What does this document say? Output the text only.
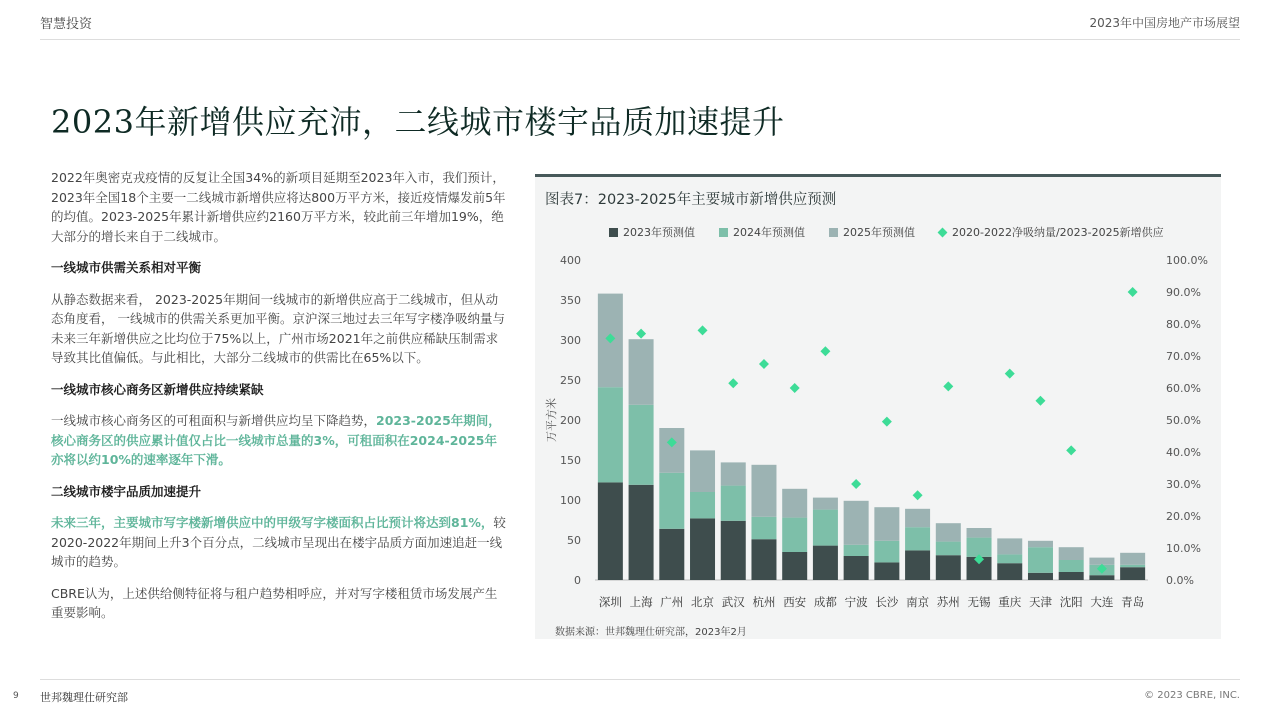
智慧投资	2023年中国房地产市场展望
2023年新增供应充沛，二线城市楼宇品质加速提升

2022年奥密克戎疫情的反复让全国34%的新项目延期至2023年入市，我们预计，2023年全国18个主要一二线城市新增供应将达800万平方米，接近疫情爆发前5年的均值。2023-2025年累计新增供应约2160万平方米，较此前三年增加19%，绝大部分的增长来自于二线城市。

一线城市供需关系相对平衡

从静态数据来看， 2023-2025年期间一线城市的新增供应高于二线城市，但从动态角度看， 一线城市的供需关系更加平衡。京沪深三地过去三年写字楼净吸纳量与未来三年新增供应之比均位于75%以上，广州市场2021年之前供应稀缺压制需求导致其比值偏低。与此相比，大部分二线城市的供需比在65%以下。

一线城市核心商务区新增供应持续紧缺

一线城市核心商务区的可租面积与新增供应均呈下降趋势，2023-2025年期间，核心商务区的供应累计值仅占比一线城市总量的3%，可租面积在2024-2025年亦将以约10%的速率逐年下滑。

二线城市楼宇品质加速提升

未来三年，主要城市写字楼新增供应中的甲级写字楼面积占比预计将达到81%，较2020-2022年期间上升3个百分点，二线城市呈现出在楼宇品质方面加速追赶一线城市的趋势。

CBRE认为，上述供给侧特征将与租户趋势相呼应，并对写字楼租赁市场发展产生重要影响。

图表7：2023-2025年主要城市新增供应预测
2023年预测值	2024年预测值	2025年预测值	2020-2022净吸纳量/2023-2025新增供应
0
50
100
150
200
250
300
350
400
0.0%
10.0%
20.0%
30.0%
40.0%
50.0%
60.0%
70.0%
80.0%
90.0%
100.0%
万平方米
深圳 上海 广州 北京 武汉 杭州 西安 成都 宁波 长沙 南京 苏州 无锡 重庆 天津 沈阳 大连 青岛
数据来源：世邦魏理仕研究部，2023年2月
9 世邦魏理仕研究部	© 2023 CBRE, INC.
